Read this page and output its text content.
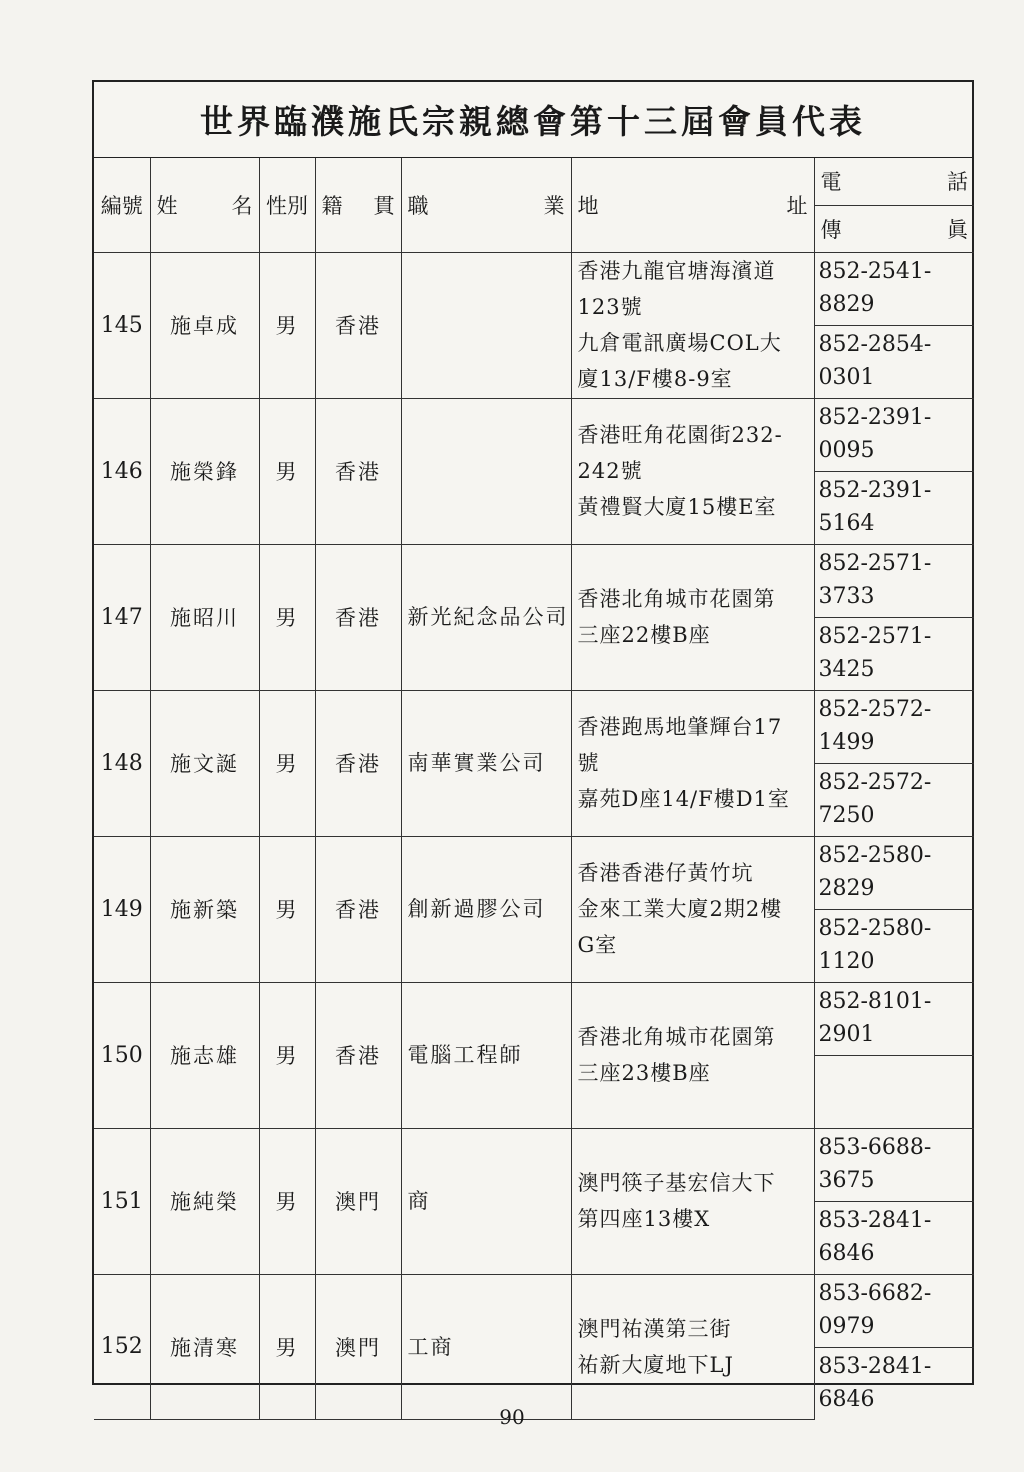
世界臨濮施氏宗親總會第十三屆會員代表
編號	姓 名	性別	籍 貫	職 業	地 址	電 話

						傳 眞

145	施卓成	男	香港		香港九龍官塘海濱道
123號
九倉電訊廣場COL大
廈13/F樓8-9室	852-2541-8829
						852-2854-0301
146	施榮鋒	男	香港		香港旺角花園街232-
242號
黃禮賢大廈15樓E室	852-2391-0095
						852-2391-5164
147	施昭川	男	香港	新光紀念品公司	香港北角城市花園第
三座22樓B座	852-2571-3733
						852-2571-3425
148	施文誕	男	香港	南華實業公司	香港跑馬地肇輝台17
號
嘉苑D座14/F樓D1室	852-2572-1499
						852-2572-7250
149	施新築	男	香港	創新過膠公司	香港香港仔黃竹坑
金來工業大廈2期2樓
G室	852-2580-2829
						852-2580-1120
150	施志雄	男	香港	電腦工程師	香港北角城市花園第
三座23樓B座	852-8101-2901

151	施純榮	男	澳門	商	澳門筷子基宏信大下
第四座13樓X	853-6688-3675
						853-2841-6846
152	施清寒	男	澳門	工商	澳門祐漢第三街
祐新大廈地下LJ	853-6682-0979
						853-2841-6846
90
